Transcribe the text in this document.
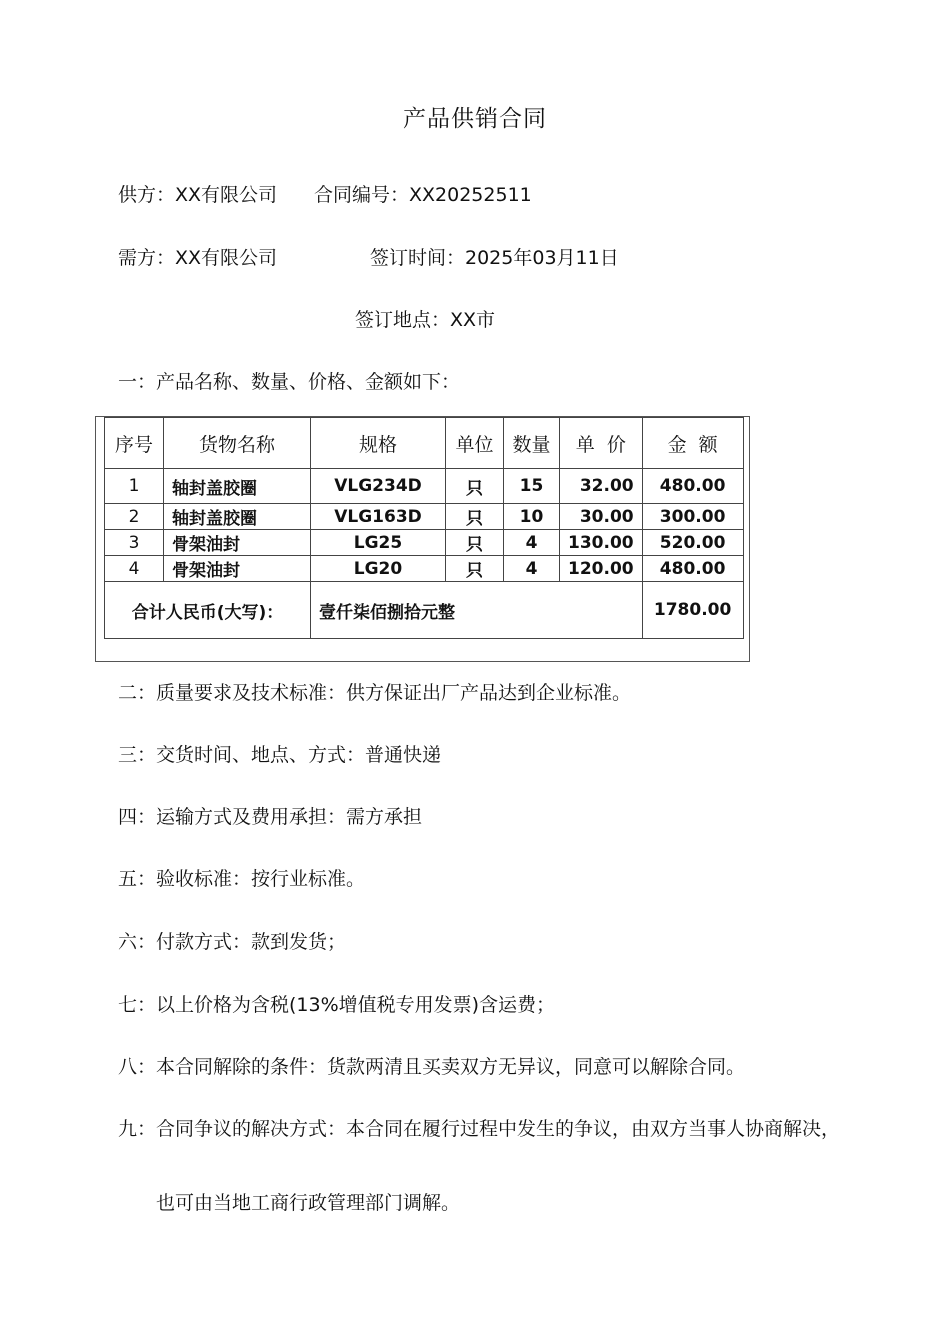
产品供销合同
供方：XX有限公司 合同编号：XX20252511
需方：XX有限公司	签订时间：2025年03月11日
签订地点：XX市
一：产品名称、数量、价格、金额如下：
序号	货物名称	规格	单位	数量	单  价	金  额
1	轴封盖胶圈	VLG234D	只	15	32.00	480.00
2	轴封盖胶圈	VLG163D	只	10	30.00	300.00
3	骨架油封	LG25	只	4	130.00	520.00
4	骨架油封	LG20	只	4	120.00	480.00
合计人民币(大写)：		壹仟柒佰捌拾元整				1780.00
二：质量要求及技术标准：供方保证出厂产品达到企业标准。
三：交货时间、地点、方式：普通快递
四：运输方式及费用承担：需方承担
五：验收标准：按行业标准。
六：付款方式：款到发货；
七：以上价格为含税(13%增值税专用发票)含运费；
八：本合同解除的条件：货款两清且买卖双方无异议，同意可以解除合同。
九：合同争议的解决方式：本合同在履行过程中发生的争议，由双方当事人协商解决，
也可由当地工商行政管理部门调解。
